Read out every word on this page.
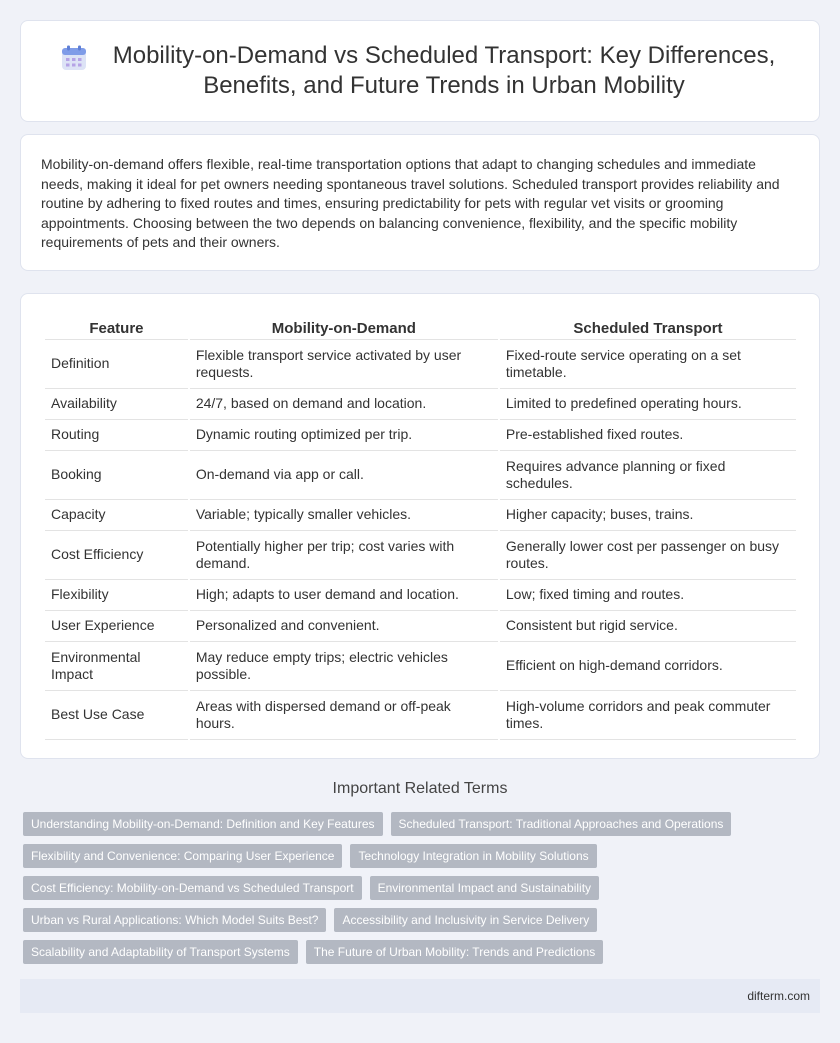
Mobility-on-Demand vs Scheduled Transport: Key Differences, Benefits, and Future Trends in Urban Mobility

Mobility-on-demand offers flexible, real-time transportation options that adapt to changing schedules and immediate needs, making it ideal for pet owners needing spontaneous travel solutions. Scheduled transport provides reliability and routine by adhering to fixed routes and times, ensuring predictability for pets with regular vet visits or grooming appointments. Choosing between the two depends on balancing convenience, flexibility, and the specific mobility requirements of pets and their owners.

Feature	Mobility-on-Demand	Scheduled Transport
Definition	Flexible transport service activated by user requests.	Fixed-route service operating on a set timetable.
Availability	24/7, based on demand and location.	Limited to predefined operating hours.
Routing	Dynamic routing optimized per trip.	Pre-established fixed routes.
Booking	On-demand via app or call.	Requires advance planning or fixed schedules.
Capacity	Variable; typically smaller vehicles.	Higher capacity; buses, trains.
Cost Efficiency	Potentially higher per trip; cost varies with demand.	Generally lower cost per passenger on busy routes.
Flexibility	High; adapts to user demand and location.	Low; fixed timing and routes.
User Experience	Personalized and convenient.	Consistent but rigid service.
Environmental Impact	May reduce empty trips; electric vehicles possible.	Efficient on high-demand corridors.
Best Use Case	Areas with dispersed demand or off-peak hours.	High-volume corridors and peak commuter times.
Important Related Terms
Understanding Mobility-on-Demand: Definition and Key Features	Scheduled Transport: Traditional Approaches and Operations
Flexibility and Convenience: Comparing User Experience	Technology Integration in Mobility Solutions
Cost Efficiency: Mobility-on-Demand vs Scheduled Transport	Environmental Impact and Sustainability
Urban vs Rural Applications: Which Model Suits Best?	Accessibility and Inclusivity in Service Delivery
Scalability and Adaptability of Transport Systems	The Future of Urban Mobility: Trends and Predictions
difterm.com
